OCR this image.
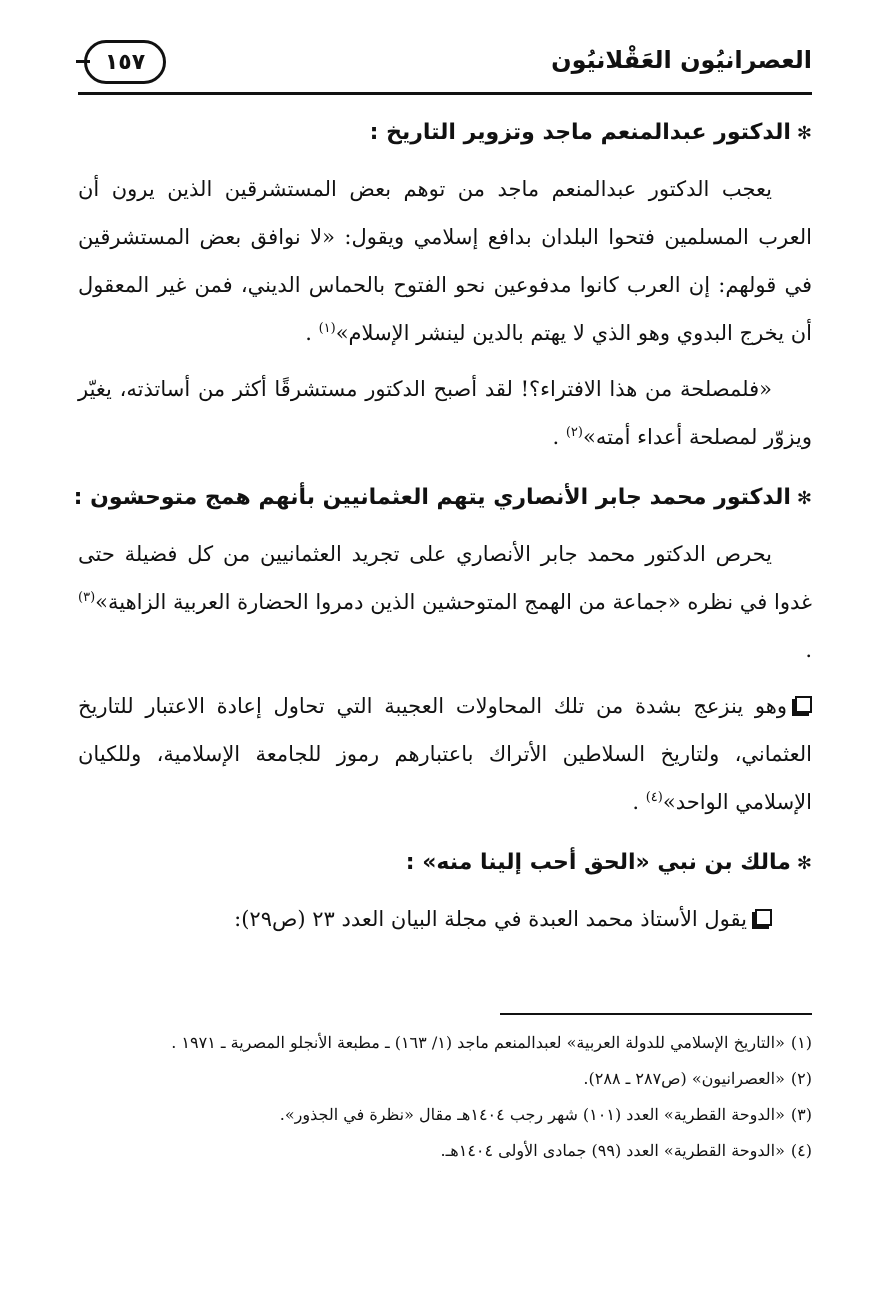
العصرانيُون العَقْلانيُون
١٥٧
✻الدكتور عبدالمنعم ماجد وتزوير التاريخ :

يعجب الدكتور عبدالمنعم ماجد من توهم بعض المستشرقين الذين يرون أن العرب المسلمين فتحوا البلدان بدافع إسلامي ويقول: «لا نوافق بعض المستشرقين في قولهم: إن العرب كانوا مدفوعين نحو الفتوح بالحماس الديني، فمن غير المعقول أن يخرج البدوي وهو الذي لا يهتم بالدين لينشر الإسلام»$^{(١)}$ .

«فلمصلحة من هذا الافتراء؟! لقد أصبح الدكتور مستشرقًا أكثر من أساتذته، يغيّر ويزوّر لمصلحة أعداء أمته»$^{(٢)}$ .

✻الدكتور محمد جابر الأنصاري يتهم العثمانيين بأنهم همج متوحشون :

يحرص الدكتور محمد جابر الأنصاري على تجريد العثمانيين من كل فضيلة حتى غدوا في نظره «جماعة من الهمج المتوحشين الذين دمروا الحضارة العربية الزاهية»$^{(٣)}$ .

وهو ينزعج بشدة من تلك المحاولات العجيبة التي تحاول إعادة الاعتبار للتاريخ العثماني، ولتاريخ السلاطين الأتراك باعتبارهم رموز للجامعة الإسلامية، وللكيان الإسلامي الواحد»$^{(٤)}$ .

✻مالك بن نبي «الحق أحب إلينا منه» :

يقول الأستاذ محمد العبدة في مجلة البيان العدد ٢٣ (ص٢٩):

(١)«التاريخ الإسلامي للدولة العربية» لعبدالمنعم ماجد (١/ ١٦٣) ـ مطبعة الأنجلو المصرية ـ ١٩٧١ .

(٢)«العصرانيون» (ص٢٨٧ ـ ٢٨٨).

(٣)«الدوحة القطرية» العدد (١٠١) شهر رجب ١٤٠٤هـ مقال «نظرة في الجذور».

(٤)«الدوحة القطرية» العدد (٩٩) جمادى الأولى ١٤٠٤هـ.
